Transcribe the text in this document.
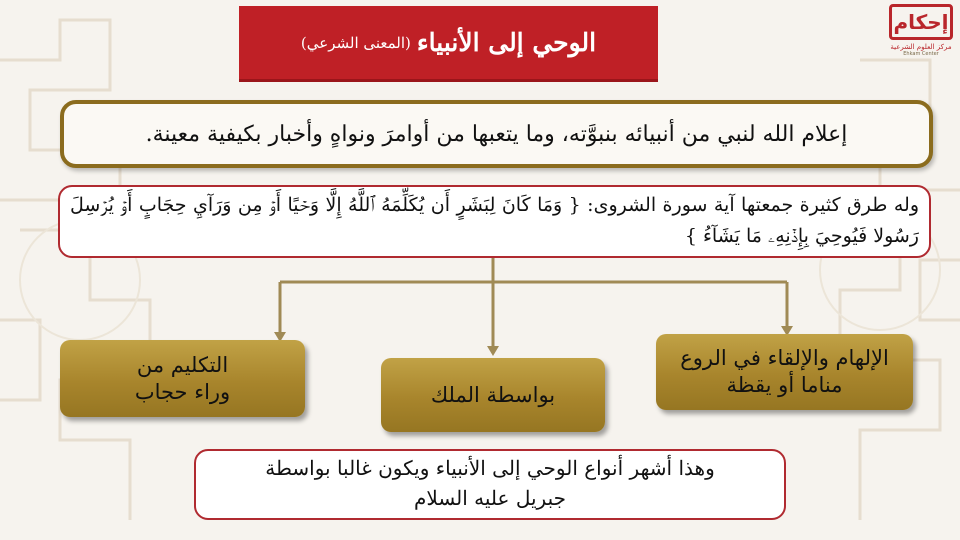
الوحي إلى الأنبياء
(المعنى الشرعي)
إحكام
مركز العلوم الشرعية
Ehkam Center
إعلام الله لنبي من أنبيائه بنبوَّته، وما يتعبها من أوامرَ ونواهٍ وأخبار بكيفية معينة.
وله طرق كثيرة جمعتها آية سورة الشروى: { وَمَا كَانَ لِبَشَرٍ أَن يُكَلِّمَهُ ٱللَّهُ إِلَّا وَحۡيًا أَوۡ مِن وَرَآيِ حِجَابٍ أَوۡ يُرۡسِلَ رَسُولا فَيُوحِيَ بِإِذۡنِهِۦ مَا يَشَآءُ }
التكليم من
وراء حجاب	بواسطة الملك
الإلهام والإلقاء في الروع
مناما أو يقظة
وهذا أشهر أنواع الوحي إلى الأنبياء ويكون غالبا بواسطة
جبريل عليه السلام
